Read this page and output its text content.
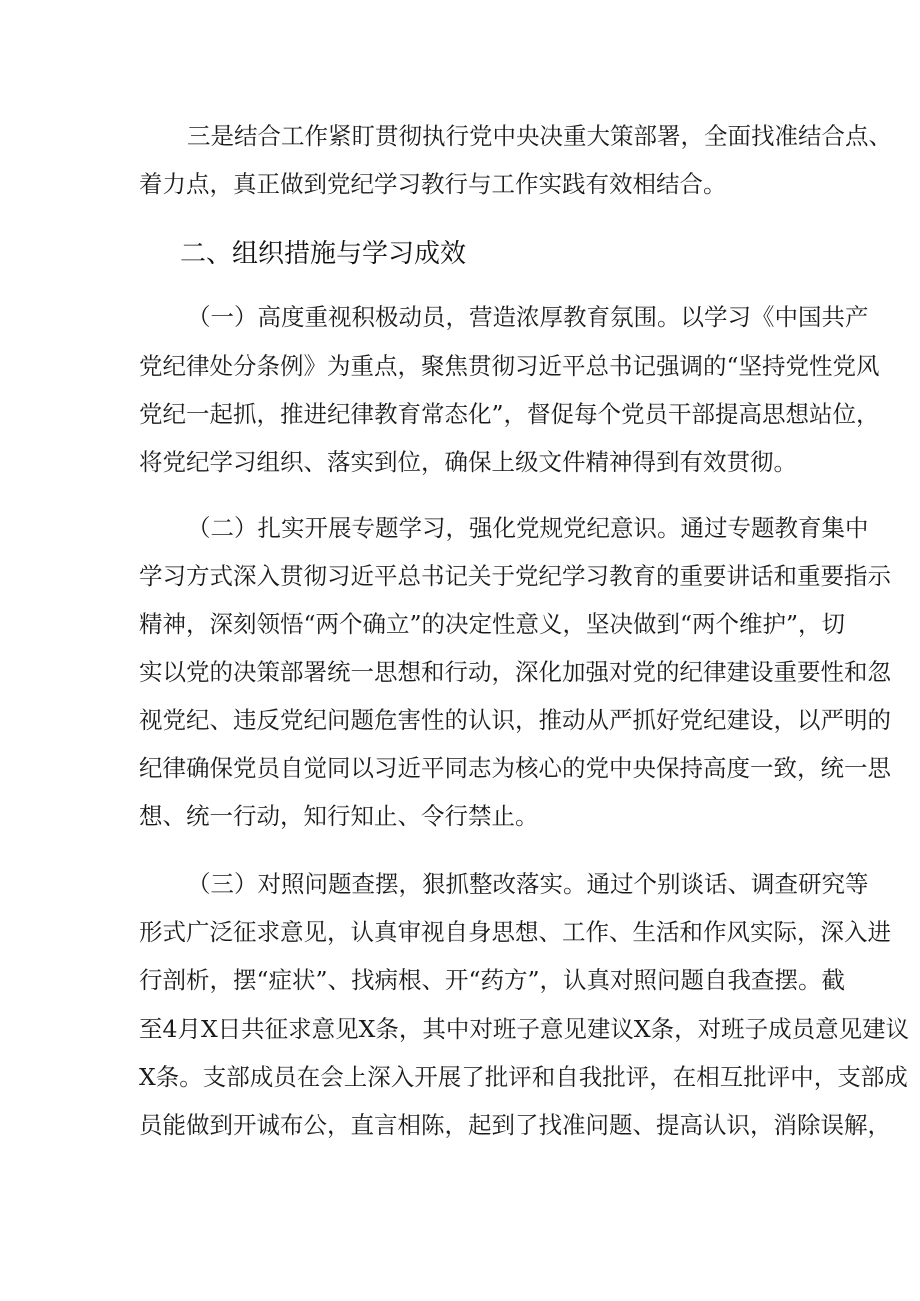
三是结合工作紧盯贯彻执行党中央决重大策部署，全面找准结合点、
着力点，真正做到党纪学习教行与工作实践有效相结合。
二、组织措施与学习成效
（一）高度重视积极动员，营造浓厚教育氛围。以学习《中国共产
党纪律处分条例》为重点，聚焦贯彻习近平总书记强调的“坚持党性党风
党纪一起抓，推进纪律教育常态化”，督促每个党员干部提高思想站位，
将党纪学习组织、落实到位，确保上级文件精神得到有效贯彻。
（二）扎实开展专题学习，强化党规党纪意识。通过专题教育集中
学习方式深入贯彻习近平总书记关于党纪学习教育的重要讲话和重要指示
精神，深刻领悟“两个确立”的决定性意义，坚决做到“两个维护”，切
实以党的决策部署统一思想和行动，深化加强对党的纪律建设重要性和忽
视党纪、违反党纪问题危害性的认识，推动从严抓好党纪建设，以严明的
纪律确保党员自觉同以习近平同志为核心的党中央保持高度一致，统一思
想、统一行动，知行知止、令行禁止。
（三）对照问题查摆，狠抓整改落实。通过个别谈话、调查研究等
形式广泛征求意见，认真审视自身思想、工作、生活和作风实际，深入进
行剖析，摆“症状”、找病根、开“药方”，认真对照问题自我查摆。截
至4月X日共征求意见X条，其中对班子意见建议X条，对班子成员意见建议
X条。支部成员在会上深入开展了批评和自我批评，在相互批评中，支部成
员能做到开诚布公，直言相陈，起到了找准问题、提高认识，消除误解，
